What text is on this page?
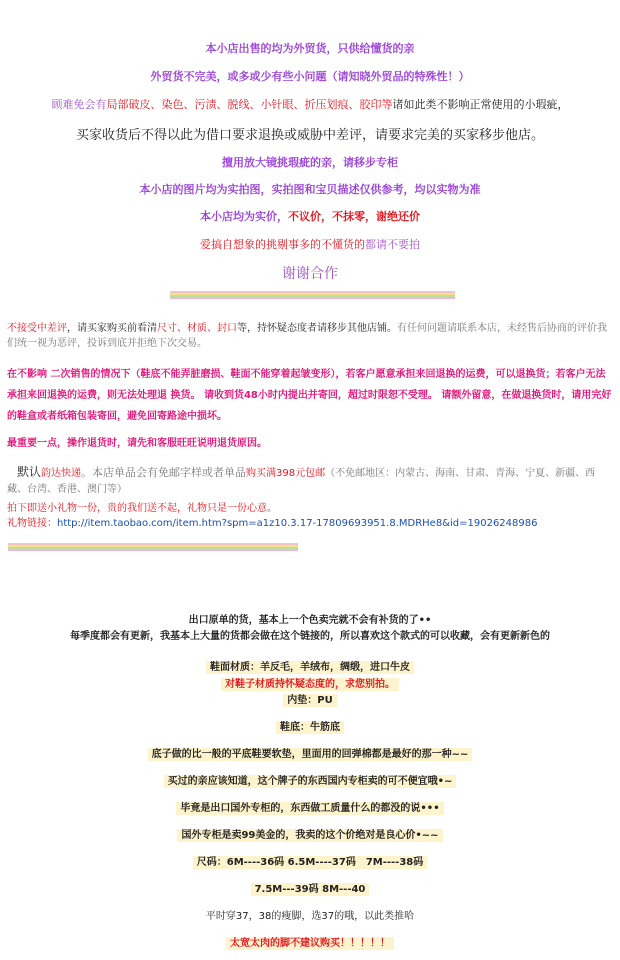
本小店出售的均为外贸货，只供给懂货的亲
外贸货不完美，或多或少有些小问题（请知晓外贸品的特殊性！）
顾难免会有局部破皮、染色、污渍、脱线、小针眼、折压划痕、胶印等诸如此类不影响正常使用的小瑕疵，
买家收货后不得以此为借口要求退换或威胁中差评，请要求完美的买家移步他店。
擅用放大镜挑瑕疵的亲，请移步专柜
本小店的图片均为实拍图，实拍图和宝贝描述仅供参考，均以实物为准
本小店均为实价，不议价，不抹零，谢绝还价
爱搞自想象的挑剔事多的不懂货的都请不要拍
谢谢合作
不接受中差评，请买家购买前看清尺寸、材质、封口等，持怀疑态度者请移步其他店铺。有任何问题请联系本店，未经售后协商的评价我们统一视为恶评，投诉到底并拒绝下次交易。
在不影响 二次销售的情况下（鞋底不能弄脏磨损、鞋面不能穿着起皱变形），若客户愿意承担来回退换的运费，可以退换货；若客户无法承担来回退换的运费，则无法处理退 换货。 请收到货48小时内提出并寄回，超过时限恕不受理。 请额外留意，在做退换货时，请用完好的鞋盒或者纸箱包装寄回，避免回寄路途中损坏。
最重要一点，操作退货时，请先和客服旺旺说明退货原因。
默认韵达快递。本店单品会有免邮字样或者单品购买满398元包邮（不免邮地区：内蒙古、海南、甘肃、青海、宁夏、新疆、西藏、台湾、香港、澳门等）
拍下即送小礼物一份，贵的我们送不起，礼物只是一份心意。
礼物链接：http://item.taobao.com/item.htm?spm=a1z10.3.17-17809693951.8.MDRHe8&id=19026248986
出口原单的货，基本上一个色卖完就不会有补货的了••
每季度都会有更新，我基本上大量的货都会做在这个链接的，所以喜欢这个款式的可以收藏，会有更新新色的
鞋面材质：羊反毛，羊绒布，绸缎，进口牛皮
对鞋子材质持怀疑态度的，求您别拍。
内垫：PU
鞋底：牛筋底
底子做的比一般的平底鞋要软垫，里面用的回弹棉都是最好的那一种~~
买过的亲应该知道，这个牌子的东西国内专柜卖的可不便宜哦•~
毕竟是出口国外专柜的，东西做工质量什么的都没的说•••
国外专柜是卖99美金的，我卖的这个价绝对是良心价•~~
尺码：6M----36码 6.5M----37码　7M----38码
7.5M---39码 8M---40
平时穿37，38的瘦脚，选37的哦，以此类推哈
太宽太肉的脚不建议购买！！！！！
